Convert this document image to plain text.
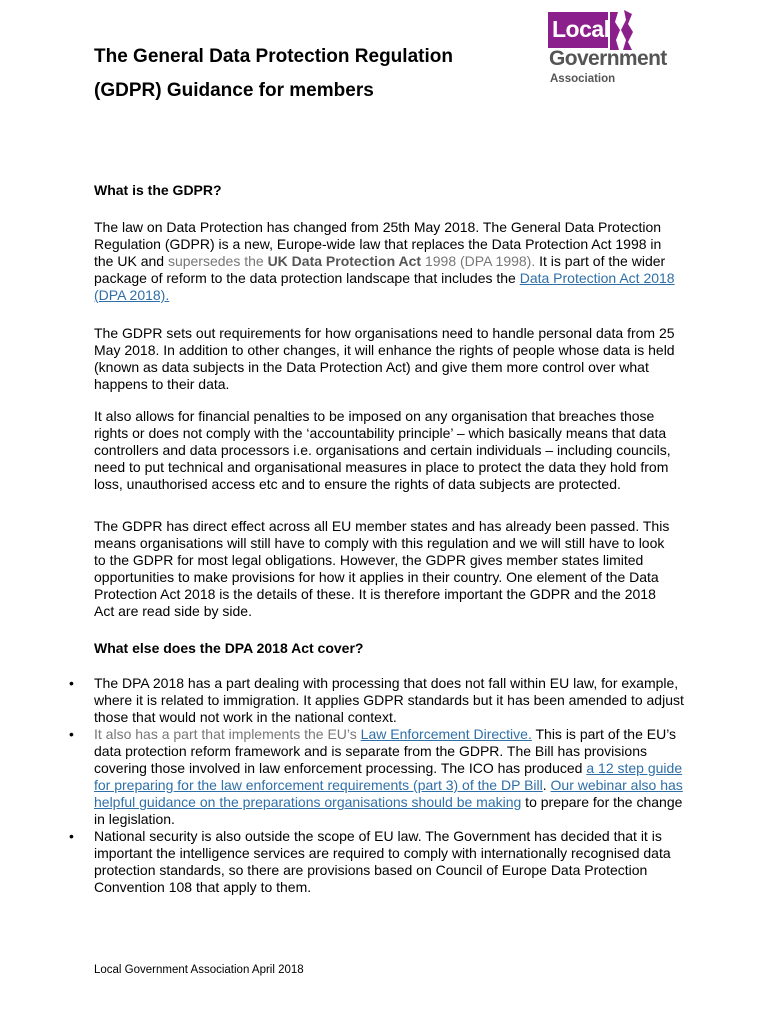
The General Data Protection Regulation
(GDPR) Guidance for members
Local
Government
Association
What is the GDPR?

The law on Data Protection has changed from 25th May 2018. The General Data Protection Regulation (GDPR) is a new, Europe-wide law that replaces the Data Protection Act 1998 in the UK and supersedes the UK Data Protection Act 1998 (DPA 1998). It is part of the wider package of reform to the data protection landscape that includes the Data Protection Act 2018 (DPA 2018).

The GDPR sets out requirements for how organisations need to handle personal data from 25 May 2018. In addition to other changes, it will enhance the rights of people whose data is held (known as data subjects in the Data Protection Act) and give them more control over what happens to their data.

It also allows for financial penalties to be imposed on any organisation that breaches those rights or does not comply with the ‘accountability principle’ – which basically means that data controllers and data processors i.e. organisations and certain individuals – including councils, need to put technical and organisational measures in place to protect the data they hold from loss, unauthorised access etc and to ensure the rights of data subjects are protected.

The GDPR has direct effect across all EU member states and has already been passed. This means organisations will still have to comply with this regulation and we will still have to look to the GDPR for most legal obligations. However, the GDPR gives member states limited opportunities to make provisions for how it applies in their country. One element of the Data Protection Act 2018 is the details of these. It is therefore important the GDPR and the 2018 Act are read side by side.

What else does the DPA 2018 Act cover?
• The DPA 2018 has a part dealing with processing that does not fall within EU law, for example, where it is related to immigration. It applies GDPR standards but it has been amended to adjust those that would not work in the national context.
• It also has a part that implements the EU’s Law Enforcement Directive. This is part of the EU’s data protection reform framework and is separate from the GDPR. The Bill has provisions covering those involved in law enforcement processing. The ICO has produced a 12 step guide for preparing for the law enforcement requirements (part 3) of the DP Bill. Our webinar also has helpful guidance on the preparations organisations should be making to prepare for the change in legislation.
• National security is also outside the scope of EU law. The Government has decided that it is important the intelligence services are required to comply with internationally recognised data protection standards, so there are provisions based on Council of Europe Data Protection Convention 108 that apply to them.

Local Government Association April 2018
